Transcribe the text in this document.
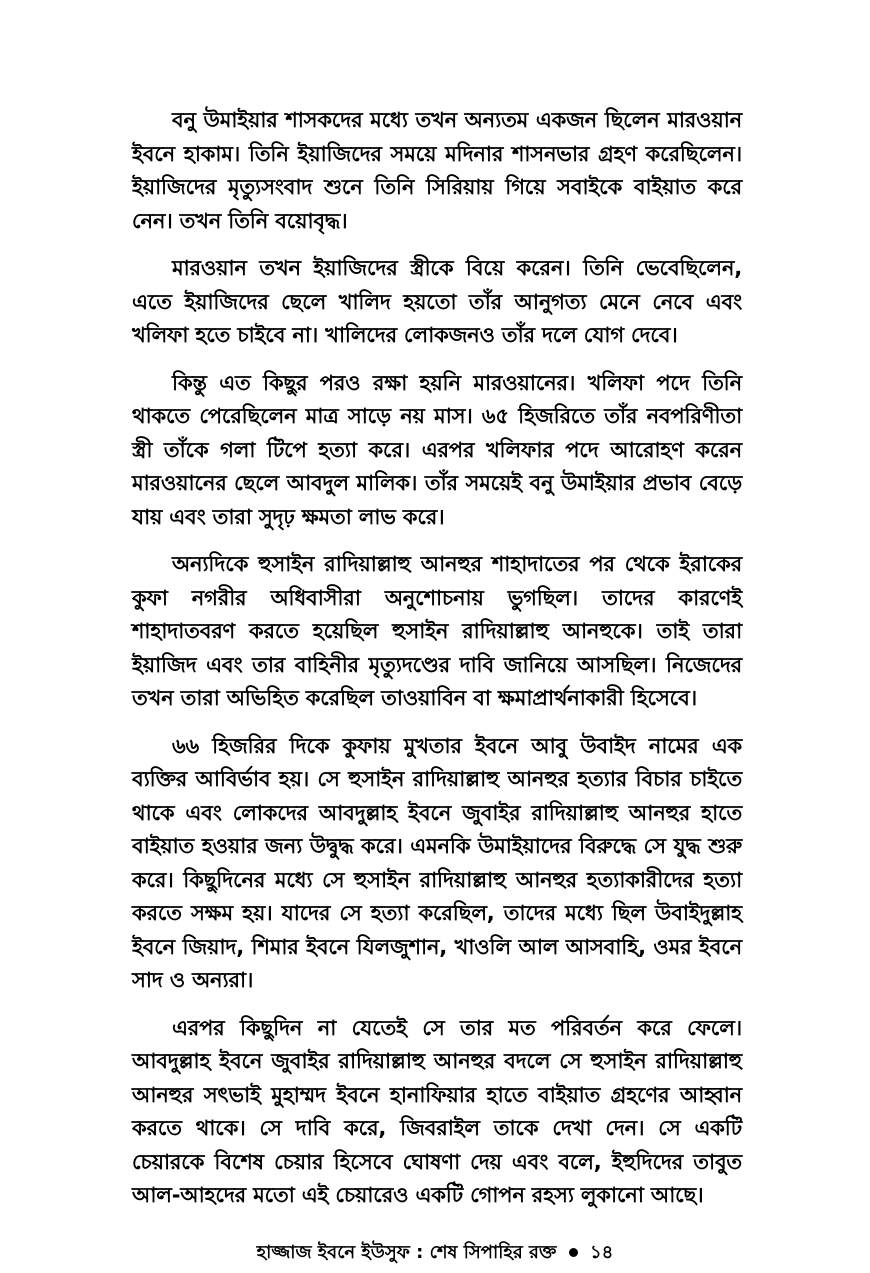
বনু উমাইয়ার শাসকদের মধ্যে তখন অন্যতম একজন ছিলেন মারওয়ান ইবনে হাকাম। তিনি ইয়াজিদের সময়ে মদিনার শাসনভার গ্রহণ করেছিলেন। ইয়াজিদের মৃত্যুসংবাদ শুনে তিনি সিরিয়ায় গিয়ে সবাইকে বাইয়াত করে নেন। তখন তিনি বয়োবৃদ্ধ।

মারওয়ান তখন ইয়াজিদের স্ত্রীকে বিয়ে করেন। তিনি ভেবেছিলেন, এতে ইয়াজিদের ছেলে খালিদ হয়তো তাঁর আনুগত্য মেনে নেবে এবং খলিফা হতে চাইবে না। খালিদের লোকজনও তাঁর দলে যোগ দেবে।

কিন্তু এত কিছুর পরও রক্ষা হয়নি মারওয়ানের। খলিফা পদে তিনি থাকতে পেরেছিলেন মাত্র সাড়ে নয় মাস। ৬৫ হিজরিতে তাঁর নবপরিণীতা স্ত্রী তাঁকে গলা টিপে হত্যা করে। এরপর খলিফার পদে আরোহণ করেন মারওয়ানের ছেলে আবদুল মালিক। তাঁর সময়েই বনু উমাইয়ার প্রভাব বেড়ে যায় এবং তারা সুদৃঢ় ক্ষমতা লাভ করে।

অন্যদিকে হুসাইন রাদিয়াল্লাহু আনহুর শাহাদাতের পর থেকে ইরাকের কুফা নগরীর অধিবাসীরা অনুশোচনায় ভুগছিল। তাদের কারণেই শাহাদাতবরণ করতে হয়েছিল হুসাইন রাদিয়াল্লাহু আনহুকে। তাই তারা ইয়াজিদ এবং তার বাহিনীর মৃত্যুদণ্ডের দাবি জানিয়ে আসছিল। নিজেদের তখন তারা অভিহিত করেছিল তাওয়াবিন বা ক্ষমাপ্রার্থনাকারী হিসেবে।

৬৬ হিজরির দিকে কুফায় মুখতার ইবনে আবু উবাইদ নামের এক ব্যক্তির আবির্ভাব হয়। সে হুসাইন রাদিয়াল্লাহু আনহুর হত্যার বিচার চাইতে থাকে এবং লোকদের আবদুল্লাহ ইবনে জুবাইর রাদিয়াল্লাহু আনহুর হাতে বাইয়াত হওয়ার জন্য উদ্বুদ্ধ করে। এমনকি উমাইয়াদের বিরুদ্ধে সে যুদ্ধ শুরু করে। কিছুদিনের মধ্যে সে হুসাইন রাদিয়াল্লাহু আনহুর হত্যাকারীদের হত্যা করতে সক্ষম হয়। যাদের সে হত্যা করেছিল, তাদের মধ্যে ছিল উবাইদুল্লাহ ইবনে জিয়াদ, শিমার ইবনে যিলজুশান, খাওলি আল আসবাহি, ওমর ইবনে সাদ ও অন্যরা।

এরপর কিছুদিন না যেতেই সে তার মত পরিবর্তন করে ফেলে। আবদুল্লাহ ইবনে জুবাইর রাদিয়াল্লাহু আনহুর বদলে সে হুসাইন রাদিয়াল্লাহু আনহুর সৎভাই মুহাম্মদ ইবনে হানাফিয়ার হাতে বাইয়াত গ্রহণের আহ্বান করতে থাকে। সে দাবি করে, জিবরাইল তাকে দেখা দেন। সে একটি চেয়ারকে বিশেষ চেয়ার হিসেবে ঘোষণা দেয় এবং বলে, ইহুদিদের তাবুত আল-আহদের মতো এই চেয়ারেও একটি গোপন রহস্য লুকানো আছে।

হাজ্জাজ ইবনে ইউসুফ : শেষ সিপাহির রক্ত ১৪
